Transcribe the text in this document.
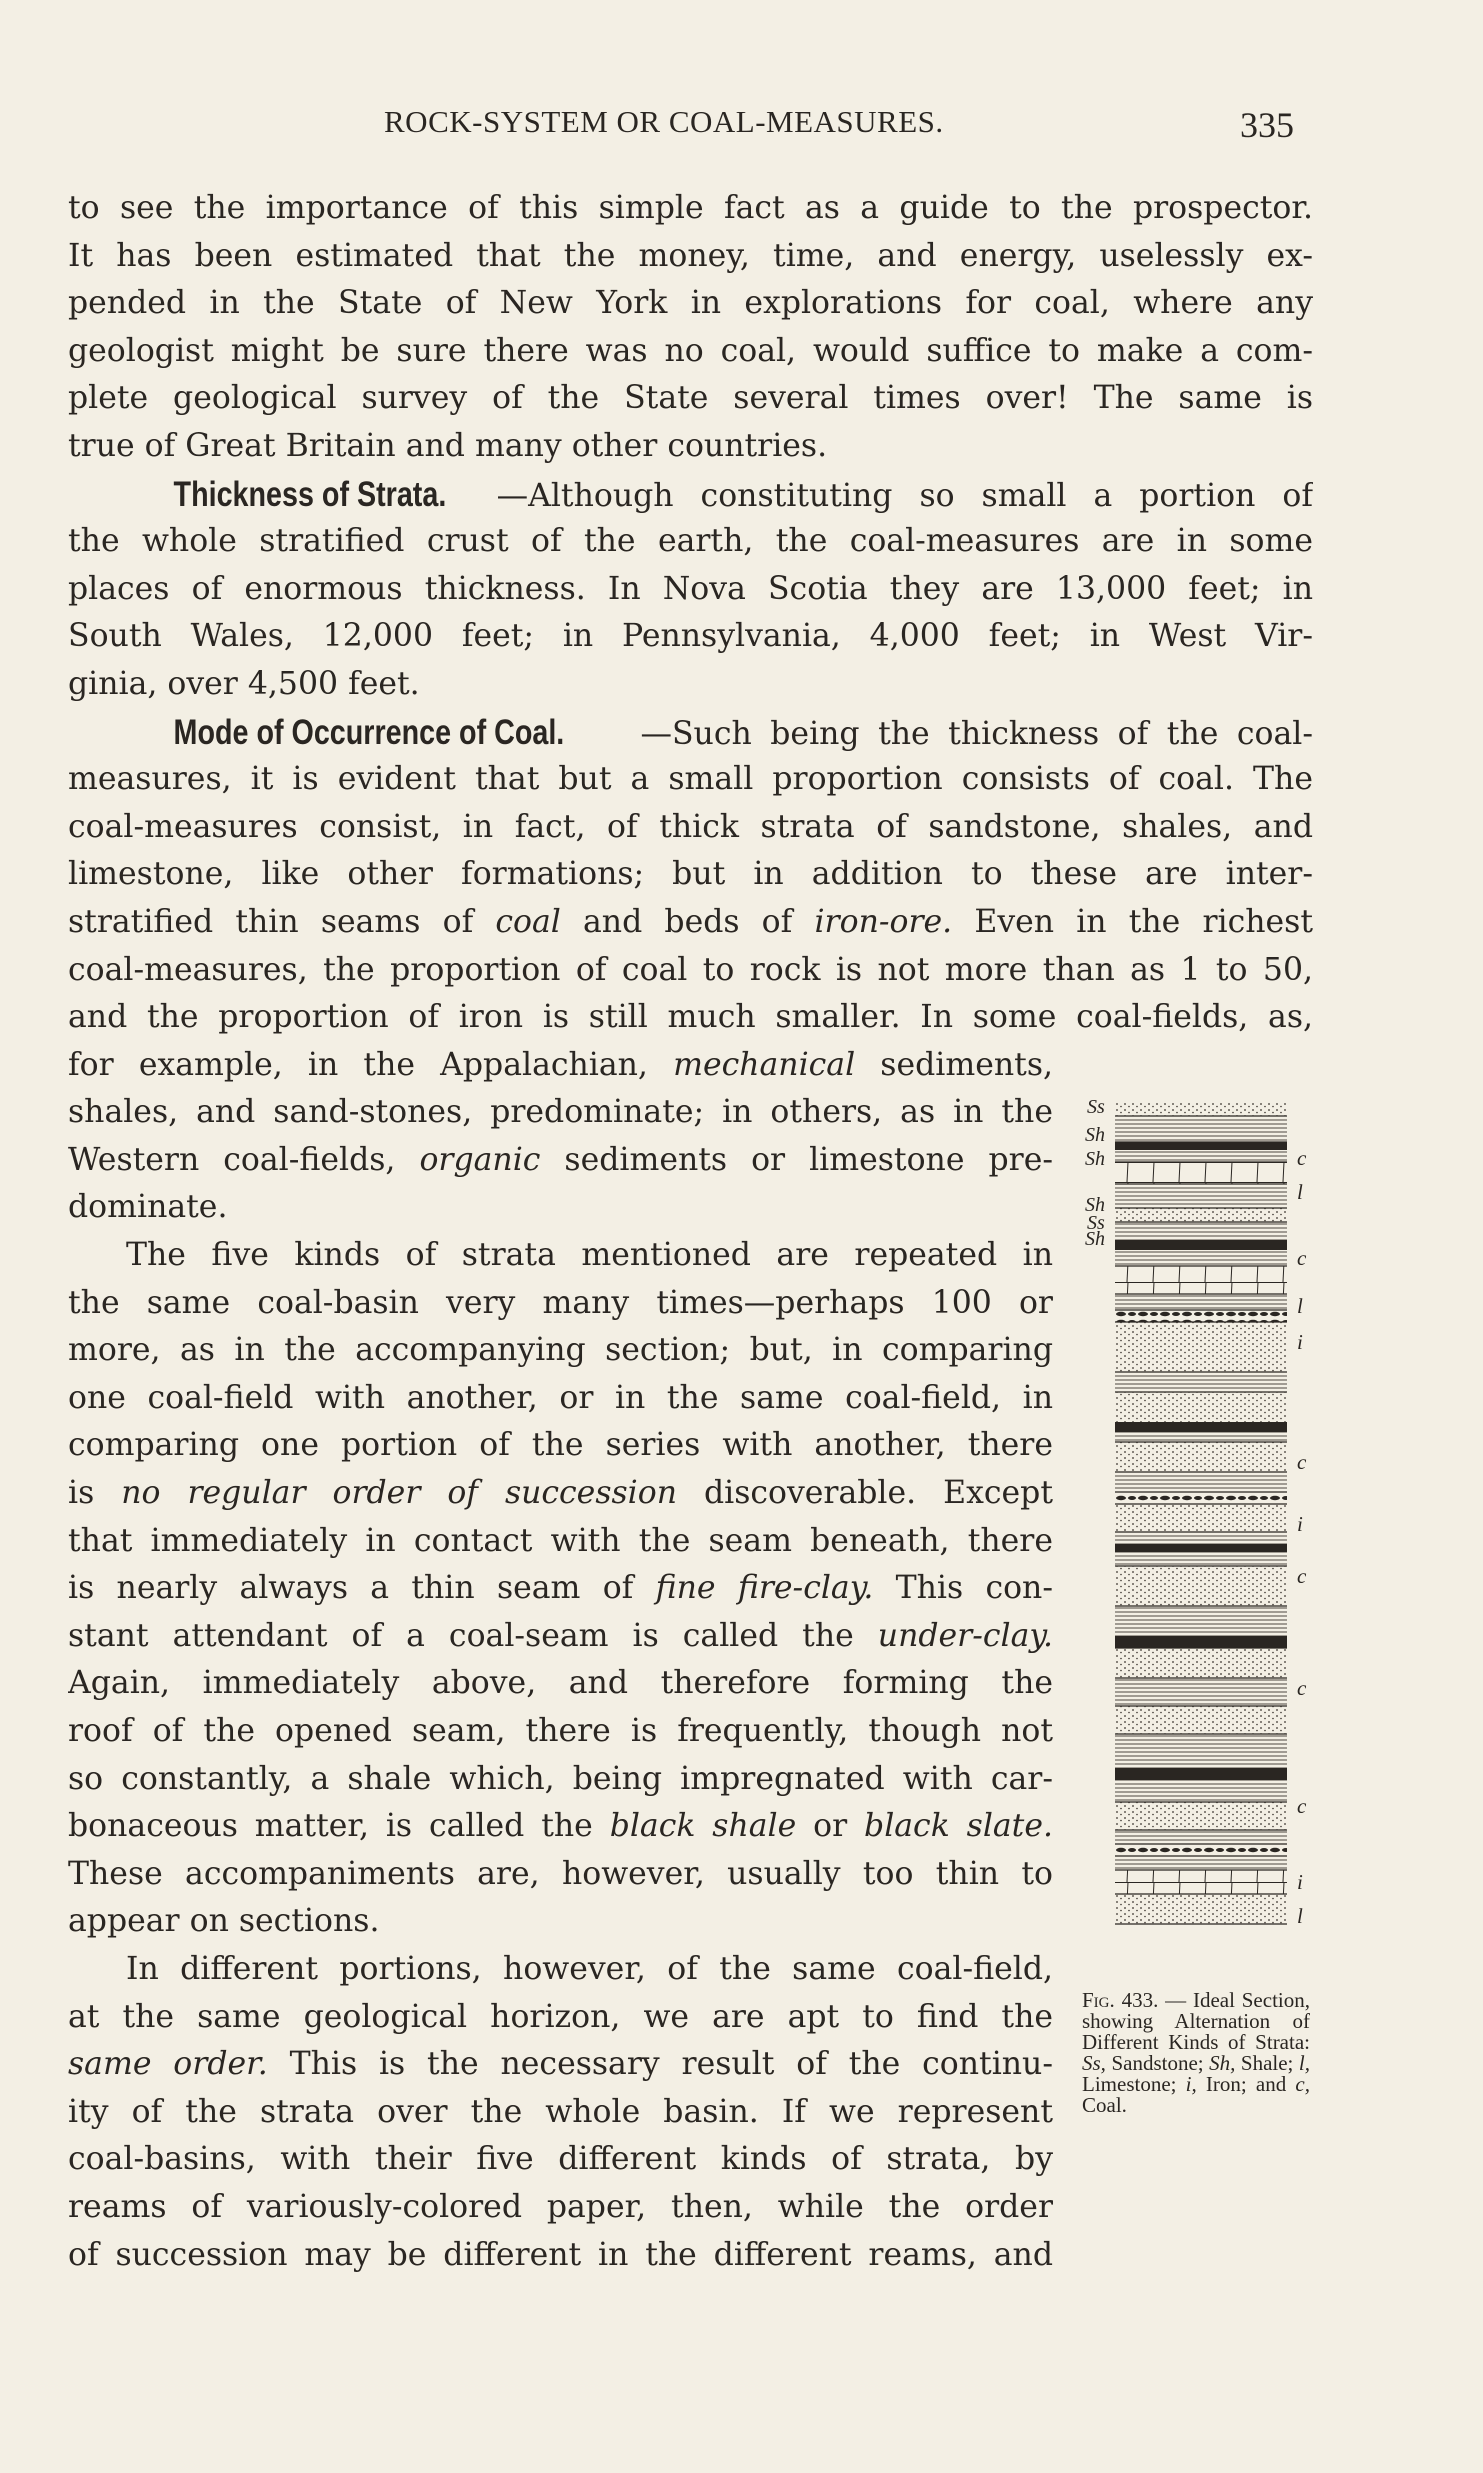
ROCK-SYSTEM OR COAL-MEASURES.	335
to see the importance of this simple fact as a guide to the prospector.
It has been estimated that the money, time, and energy, uselessly ex-
pended in the State of New York in explorations for coal, where any
geologist might be sure there was no coal, would suffice to make a com-
plete geological survey of the State several times over! The same is
true of Great Britain and many other countries.
Thickness of Strata. —Although constituting so small a portion of
the whole stratified crust of the earth, the coal-measures are in some
places of enormous thickness. In Nova Scotia they are 13,000 feet; in
South Wales, 12,000 feet; in Pennsylvania, 4,000 feet; in West Vir-
ginia, over 4,500 feet.
Mode of Occurrence of Coal. —Such being the thickness of the coal-
measures, it is evident that but a small proportion consists of coal. The
coal-measures consist, in fact, of thick strata of sandstone, shales, and
limestone, like other formations; but in addition to these are inter-
stratified thin seams of coal and beds of iron-ore. Even in the richest
coal-measures, the proportion of coal to rock is not more than as 1 to 50,
and the proportion of iron is still much smaller. In some coal-fields, as,
for example, in the Appalachian, mechanical sediments,
shales, and sand-stones, predominate; in others, as in the
Western coal-fields, organic sediments or limestone pre-
dominate.
The five kinds of strata mentioned are repeated in
the same coal-basin very many times—perhaps 100 or
more, as in the accompanying section; but, in comparing
one coal-field with another, or in the same coal-field, in
comparing one portion of the series with another, there
is no regular order of succession discoverable. Except
that immediately in contact with the seam beneath, there
is nearly always a thin seam of fine fire-clay. This con-
stant attendant of a coal-seam is called the under-clay.
Again, immediately above, and therefore forming the
roof of the opened seam, there is frequently, though not
so constantly, a shale which, being impregnated with car-
bonaceous matter, is called the black shale or black slate.
These accompaniments are, however, usually too thin to
appear on sections.
In different portions, however, of the same coal-field,
at the same geological horizon, we are apt to find the
same order. This is the necessary result of the continu-
ity of the strata over the whole basin. If we represent
coal-basins, with their five different kinds of strata, by
reams of variously-colored paper, then, while the order
of succession may be different in the different reams, and
Ss
Sh
Sh
Sh
Ss
Sh
c
l
c
l
i
c
i
c
c
c
i
l
Fig. 433. — Ideal Section, showing Alternation of Different Kinds of Strata: Ss, Sandstone; Sh, Shale; l, Limestone; i, Iron; and c, Coal.
